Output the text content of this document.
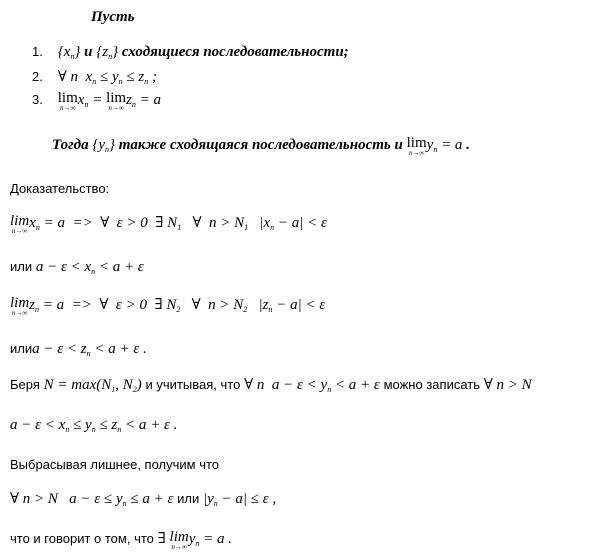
Пусть
1. $\{x_n\}$ и $\{z_n\}$ сходящиеся последовательности;
2. ∀ n  $x_n \le y_n \le z_n$ ;
3. lim
n→∞ $x_n = \lim$
n→∞ $z_n = a$
Тогда $\{y_n\}$ также сходящаяся последовательность и lim
n→∞ $y_n = a$ .
Доказательство:
lim
n→∞ $x_n = a$  =>  ∀  ε > 0  ∃ $N_1$   ∀  $n > N_1$   $|x_n - a| < \varepsilon$
или $a - \varepsilon < x_n < a + \varepsilon$
lim
n→∞ $z_n = a$  =>  ∀  ε > 0  ∃ $N_2$   ∀  $n > N_2$   $|z_n - a| < \varepsilon$
илиa − $\varepsilon < z_n < a + \varepsilon$ .
Беря $N = \max(N_1$, $N_2$) и учитывая, что ∀ n  $a - \varepsilon < y_n < a + \varepsilon$ можно записать ∀ n > N
$a - \varepsilon < x_n \le y_n \le z_n < a + \varepsilon$ .
Выбрасывая лишнее, получим что
∀ n > N   $a - \varepsilon \le y_n \le a + \varepsilon$ или $|y_n - a| \le \varepsilon$ ,
что и говорит о том, что ∃ lim
n→∞ $y_n = a$ .
